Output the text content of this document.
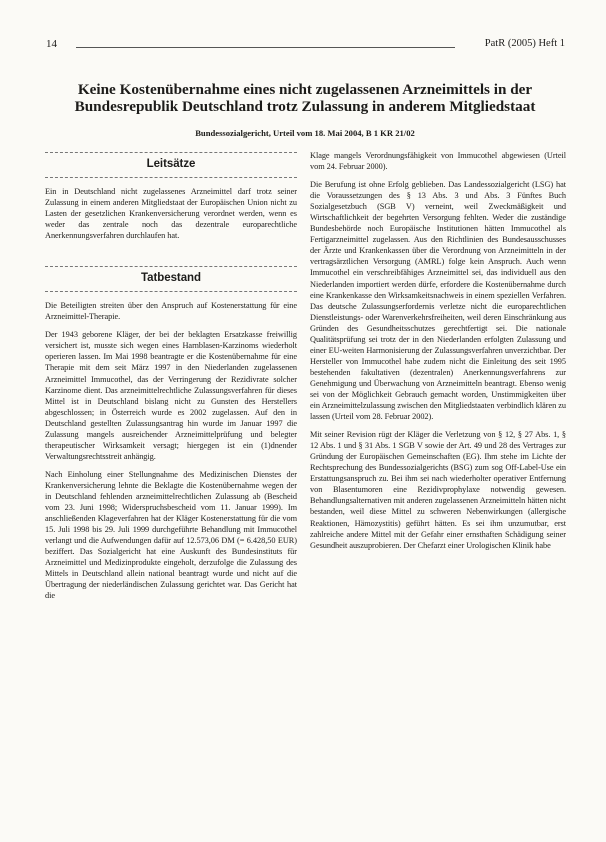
14	PatR (2005) Heft 1
Keine Kostenübernahme eines nicht zugelassenen Arzneimittels in der Bundesrepublik Deutschland trotz Zulassung in anderem Mitgliedstaat
Bundessozialgericht, Urteil vom 18. Mai 2004, B 1 KR 21/02
Leitsätze

Ein in Deutschland nicht zugelassenes Arzneimittel darf trotz seiner Zulassung in einem anderen Mitgliedstaat der Europäischen Union nicht zu Lasten der gesetzlichen Krankenversicherung verordnet werden, wenn es weder das zentrale noch das dezentrale europarechtliche Anerkennungsverfahren durchlaufen hat.

Tatbestand

Die Beteiligten streiten über den Anspruch auf Kostenerstattung für eine Arzneimittel-Therapie.

Der 1943 geborene Kläger, der bei der beklagten Ersatzkasse freiwillig versichert ist, musste sich wegen eines Harnblasen-Karzinoms wiederholt operieren lassen. Im Mai 1998 beantragte er die Kostenübernahme für eine Therapie mit dem seit März 1997 in den Niederlanden zugelassenen Arzneimittel Immucothel, das der Verringerung der Rezidivrate solcher Karzinome dient. Das arzneimittelrechtliche Zulassungsverfahren für dieses Mittel ist in Deutschland bislang nicht zu Gunsten des Herstellers abgeschlossen; in Österreich wurde es 2002 zugelassen. Auf den in Deutschland gestellten Zulassungsantrag hin wurde im Januar 1997 die Zulassung mangels ausreichender Arzneimittelprüfung und belegter therapeutischer Wirksamkeit versagt; hiergegen ist ein (1)dnender Verwaltungsrechtsstreit anhängig.

Nach Einholung einer Stellungnahme des Medizinischen Dienstes der Krankenversicherung lehnte die Beklagte die Kostenübernahme wegen der in Deutschland fehlenden arzneimittelrechtlichen Zulassung ab (Bescheid vom 23. Juni 1998; Widerspruchsbescheid vom 11. Januar 1999). Im anschließenden Klageverfahren hat der Kläger Kostenerstattung für die vom 15. Juli 1998 bis 29. Juli 1999 durchgeführte Behandlung mit Immucothel verlangt und die Aufwendungen dafür auf 12.573,06 DM (= 6.428,50 EUR) beziffert. Das Sozialgericht hat eine Auskunft des Bundesinstituts für Arzneimittel und Medizinprodukte eingeholt, derzufolge die Zulassung des Mittels in Deutschland allein national beantragt wurde und nicht auf die Übertragung der niederländischen Zulassung gerichtet war. Das Gericht hat die

Klage mangels Verordnungsfähigkeit von Immucothel abgewiesen (Urteil vom 24. Februar 2000).

Die Berufung ist ohne Erfolg geblieben. Das Landessozialgericht (LSG) hat die Voraussetzungen des § 13 Abs. 3 und Abs. 3 Fünftes Buch Sozialgesetzbuch (SGB V) verneint, weil Zweckmäßigkeit und Wirtschaftlichkeit der begehrten Versorgung fehlten. Weder die zuständige Bundesbehörde noch Europäische Institutionen hätten Immucothel als Fertigarzneimittel zugelassen. Aus den Richtlinien des Bundesausschusses der Ärzte und Krankenkassen über die Verordnung von Arzneimitteln in der vertragsärztlichen Versorgung (AMRL) folge kein Anspruch. Auch wenn Immucothel ein verschreibfähiges Arzneimittel sei, das individuell aus den Niederlanden importiert werden dürfe, erfordere die Kostenübernahme durch eine Krankenkasse den Wirksamkeitsnachweis in einem speziellen Verfahren. Das deutsche Zulassungserfordernis verletze nicht die europarechtlichen Dienstleistungs- oder Warenverkehrsfreiheiten, weil deren Einschränkung aus Gründen des Gesundheitsschutzes gerechtfertigt sei. Die nationale Qualitätsprüfung sei trotz der in den Niederlanden erfolgten Zulassung und einer EU-weiten Harmonisierung der Zulassungsverfahren unverzichtbar. Der Hersteller von Immucothel habe zudem nicht die Einleitung des seit 1995 bestehenden fakultativen (dezentralen) Anerkennungsverfahrens zur Genehmigung und Überwachung von Arzneimitteln beantragt. Ebenso wenig sei von der Möglichkeit Gebrauch gemacht worden, Unstimmigkeiten über ein Arzneimittelzulassung zwischen den Mitgliedstaaten verbindlich klären zu lassen (Urteil vom 28. Februar 2002).

Mit seiner Revision rügt der Kläger die Verletzung von § 12, § 27 Abs. 1, § 12 Abs. 1 und § 31 Abs. 1 SGB V sowie der Art. 49 und 28 des Vertrages zur Gründung der Europäischen Gemeinschaften (EG). Ihm stehe im Lichte der Rechtsprechung des Bundessozialgerichts (BSG) zum sog Off-Label-Use ein Erstattungsanspruch zu. Bei ihm sei nach wiederholter operativer Entfernung von Blasentumoren eine Rezidivprophylaxe notwendig gewesen. Behandlungsalternativen mit anderen zugelassenen Arzneimitteln hätten nicht bestanden, weil diese Mittel zu schweren Nebenwirkungen (allergische Reaktionen, Hämozystitis) geführt hätten. Es sei ihm unzumutbar, erst zahlreiche andere Mittel mit der Gefahr einer ernsthaften Schädigung seiner Gesundheit auszuprobieren. Der Chefarzt einer Urologischen Klinik habe
